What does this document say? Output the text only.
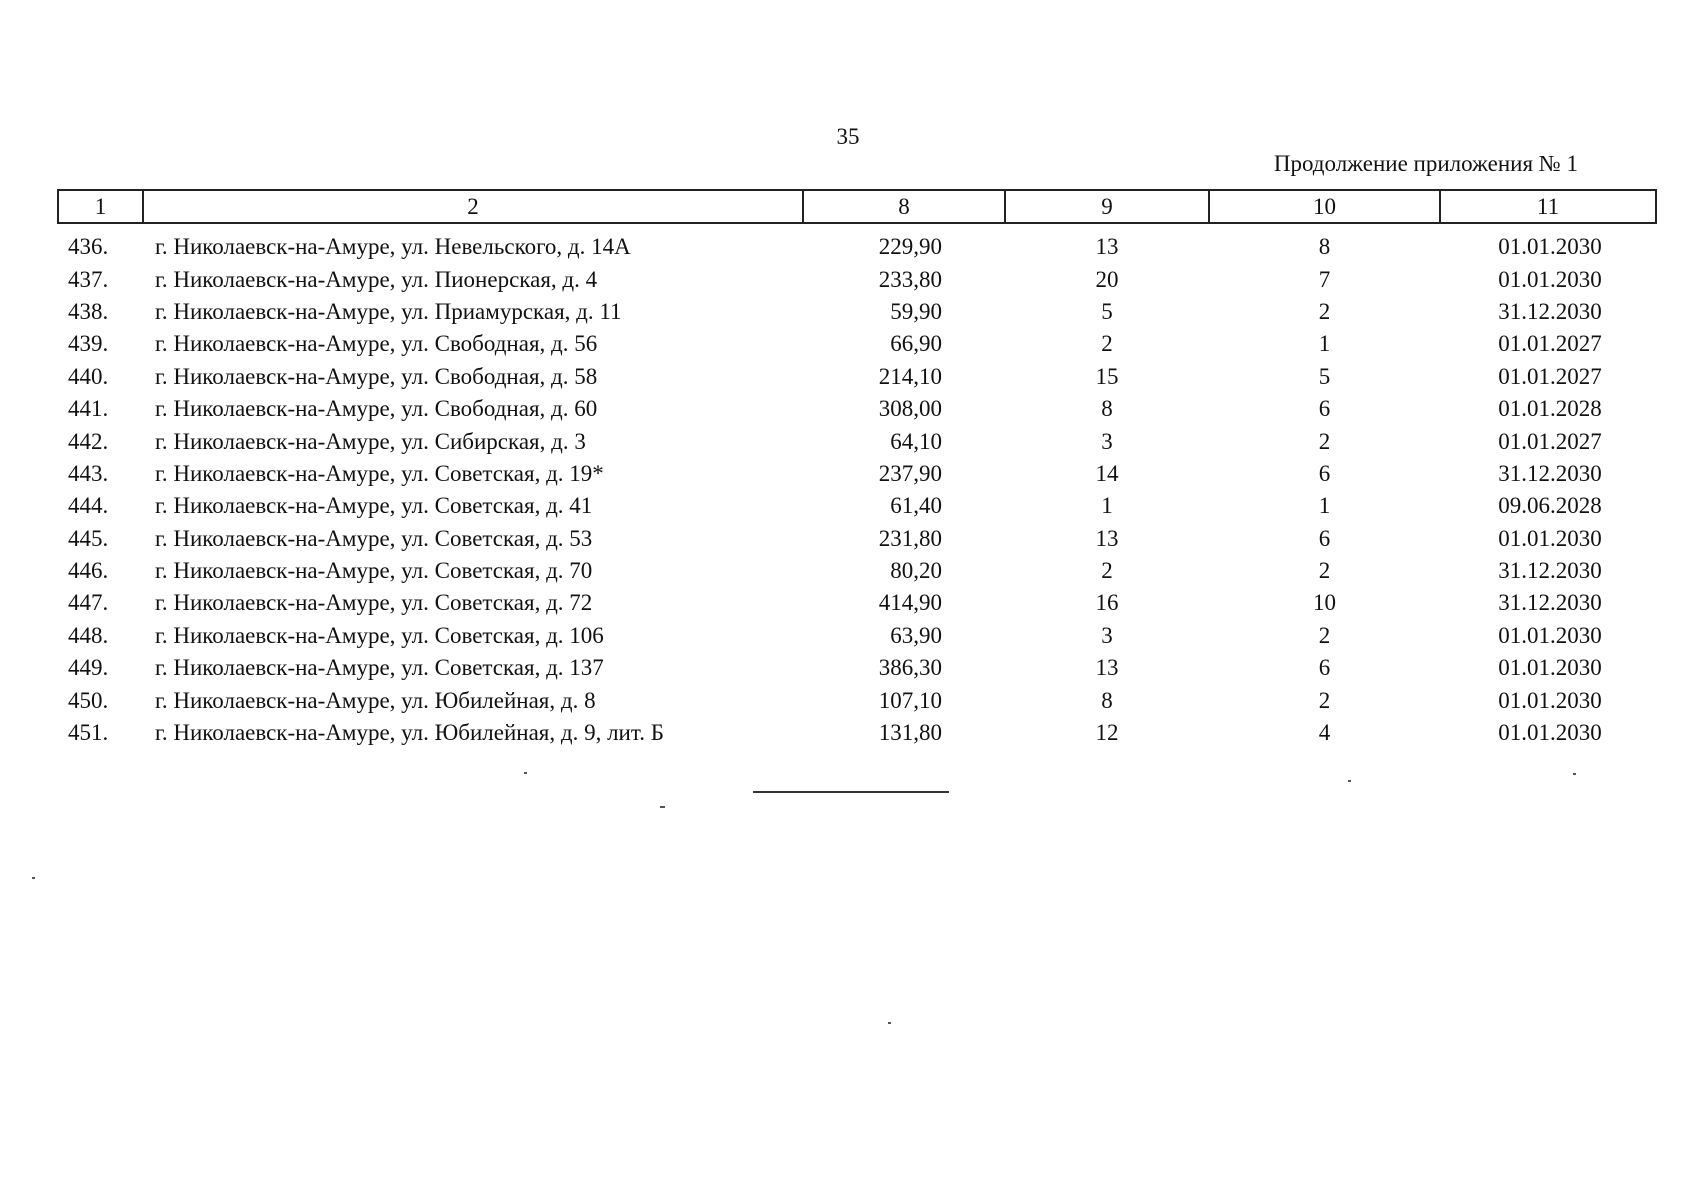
35
Продолжение приложения № 1
1	2	8	9	10	11
436.	г. Николаевск-на-Амуре, ул. Невельского, д. 14А	229,90	13	8	01.01.2030
437.	г. Николаевск-на-Амуре, ул. Пионерская, д. 4	233,80	20	7	01.01.2030
438.	г. Николаевск-на-Амуре, ул. Приамурская, д. 11	59,90	5	2	31.12.2030
439.	г. Николаевск-на-Амуре, ул. Свободная, д. 56	66,90	2	1	01.01.2027
440.	г. Николаевск-на-Амуре, ул. Свободная, д. 58	214,10	15	5	01.01.2027
441.	г. Николаевск-на-Амуре, ул. Свободная, д. 60	308,00	8	6	01.01.2028
442.	г. Николаевск-на-Амуре, ул. Сибирская, д. 3	64,10	3	2	01.01.2027
443.	г. Николаевск-на-Амуре, ул. Советская, д. 19*	237,90	14	6	31.12.2030
444.	г. Николаевск-на-Амуре, ул. Советская, д. 41	61,40	1	1	09.06.2028
445.	г. Николаевск-на-Амуре, ул. Советская, д. 53	231,80	13	6	01.01.2030
446.	г. Николаевск-на-Амуре, ул. Советская, д. 70	80,20	2	2	31.12.2030
447.	г. Николаевск-на-Амуре, ул. Советская, д. 72	414,90	16	10	31.12.2030
448.	г. Николаевск-на-Амуре, ул. Советская, д. 106	63,90	3	2	01.01.2030
449.	г. Николаевск-на-Амуре, ул. Советская, д. 137	386,30	13	6	01.01.2030
450.	г. Николаевск-на-Амуре, ул. Юбилейная, д. 8	107,10	8	2	01.01.2030
451.	г. Николаевск-на-Амуре, ул. Юбилейная, д. 9, лит. Б	131,80	12	4	01.01.2030
